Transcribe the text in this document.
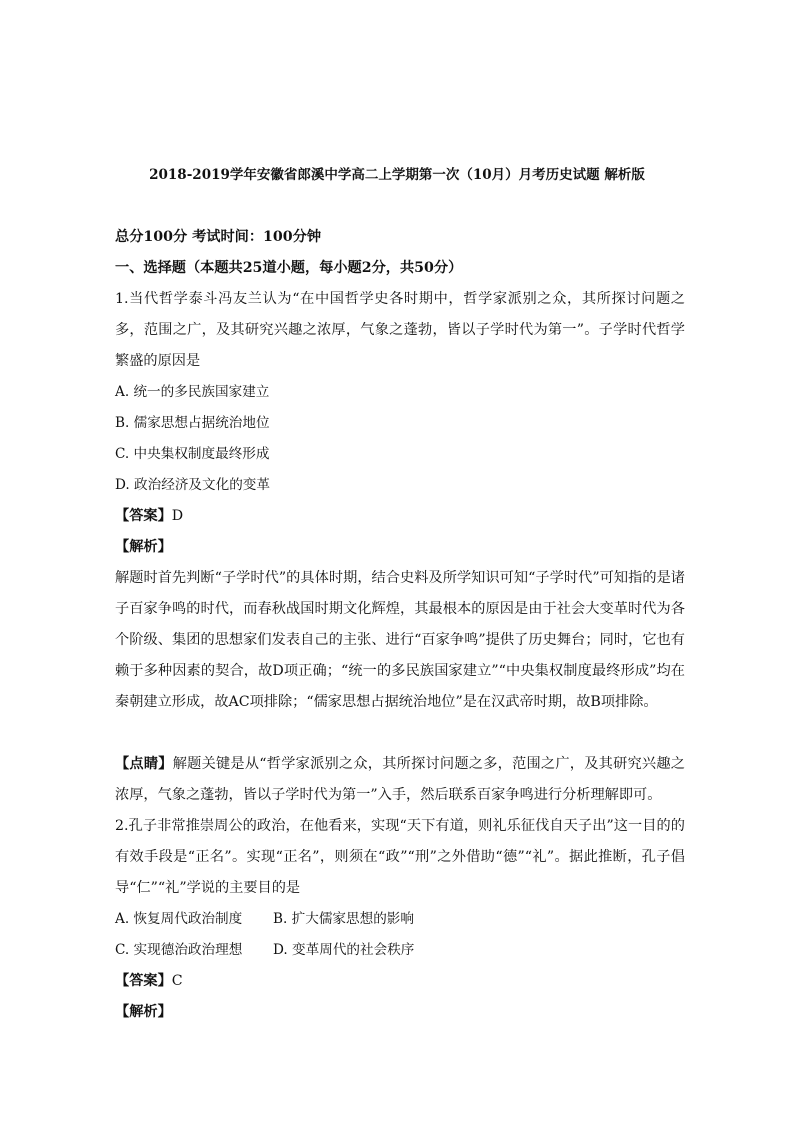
2018-2019学年安徽省郎溪中学高二上学期第一次（10月）月考历史试题 解析版
总分100分 考试时间：100分钟
一、选择题（本题共25道小题，每小题2分，共50分）
1.当代哲学泰斗冯友兰认为“在中国哲学史各时期中，哲学家派别之众，其所探讨问题之多，范围之广，及其研究兴趣之浓厚，气象之蓬勃，皆以子学时代为第一”。子学时代哲学繁盛的原因是
A. 统一的多民族国家建立
B. 儒家思想占据统治地位
C. 中央集权制度最终形成
D. 政治经济及文化的变革
【答案】D
【解析】
解题时首先判断“子学时代”的具体时期，结合史料及所学知识可知“子学时代”可知指的是诸子百家争鸣的时代，而春秋战国时期文化辉煌，其最根本的原因是由于社会大变革时代为各个阶级、集团的思想家们发表自己的主张、进行“百家争鸣”提供了历史舞台；同时，它也有赖于多种因素的契合，故D项正确；“统一的多民族国家建立”“中央集权制度最终形成”均在秦朝建立形成，故AC项排除；“儒家思想占据统治地位”是在汉武帝时期，故B项排除。
【点睛】解题关键是从“哲学家派别之众，其所探讨问题之多，范围之广，及其研究兴趣之浓厚，气象之蓬勃，皆以子学时代为第一”入手，然后联系百家争鸣进行分析理解即可。
2.孔子非常推崇周公的政治，在他看来，实现“天下有道，则礼乐征伐自天子出”这一目的的有效手段是“正名”。实现“正名”，则须在“政”“刑”之外借助“德”“礼”。据此推断，孔子倡导“仁”“礼”学说的主要目的是
A. 恢复周代政治制度 B. 扩大儒家思想的影响
C. 实现德治政治理想 D. 变革周代的社会秩序
【答案】C
【解析】
